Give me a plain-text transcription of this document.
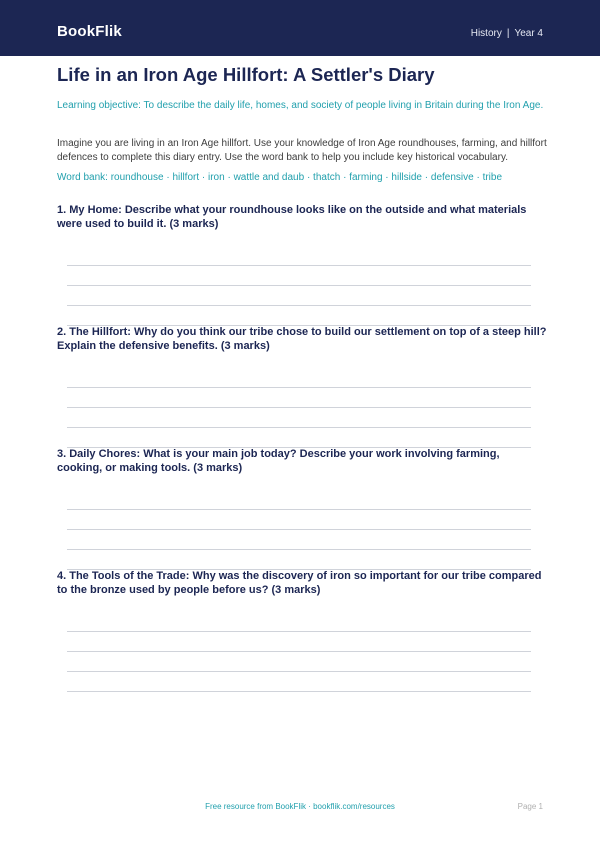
BookFlik	History | Year 4
Life in an Iron Age Hillfort: A Settler's Diary
Learning objective: To describe the daily life, homes, and society of people living in Britain during the Iron Age.
Imagine you are living in an Iron Age hillfort. Use your knowledge of Iron Age roundhouses, farming, and hillfort defences to complete this diary entry. Use the word bank to help you include key historical vocabulary.
Word bank: roundhouse · hillfort · iron · wattle and daub · thatch · farming · hillside · defensive · tribe
1. My Home: Describe what your roundhouse looks like on the outside and what materials were used to build it. (3 marks)
2. The Hillfort: Why do you think our tribe chose to build our settlement on top of a steep hill? Explain the defensive benefits. (3 marks)
3. Daily Chores: What is your main job today? Describe your work involving farming, cooking, or making tools. (3 marks)
4. The Tools of the Trade: Why was the discovery of iron so important for our tribe compared to the bronze used by people before us? (3 marks)
Free resource from BookFlik · bookflik.com/resources	Page 1
